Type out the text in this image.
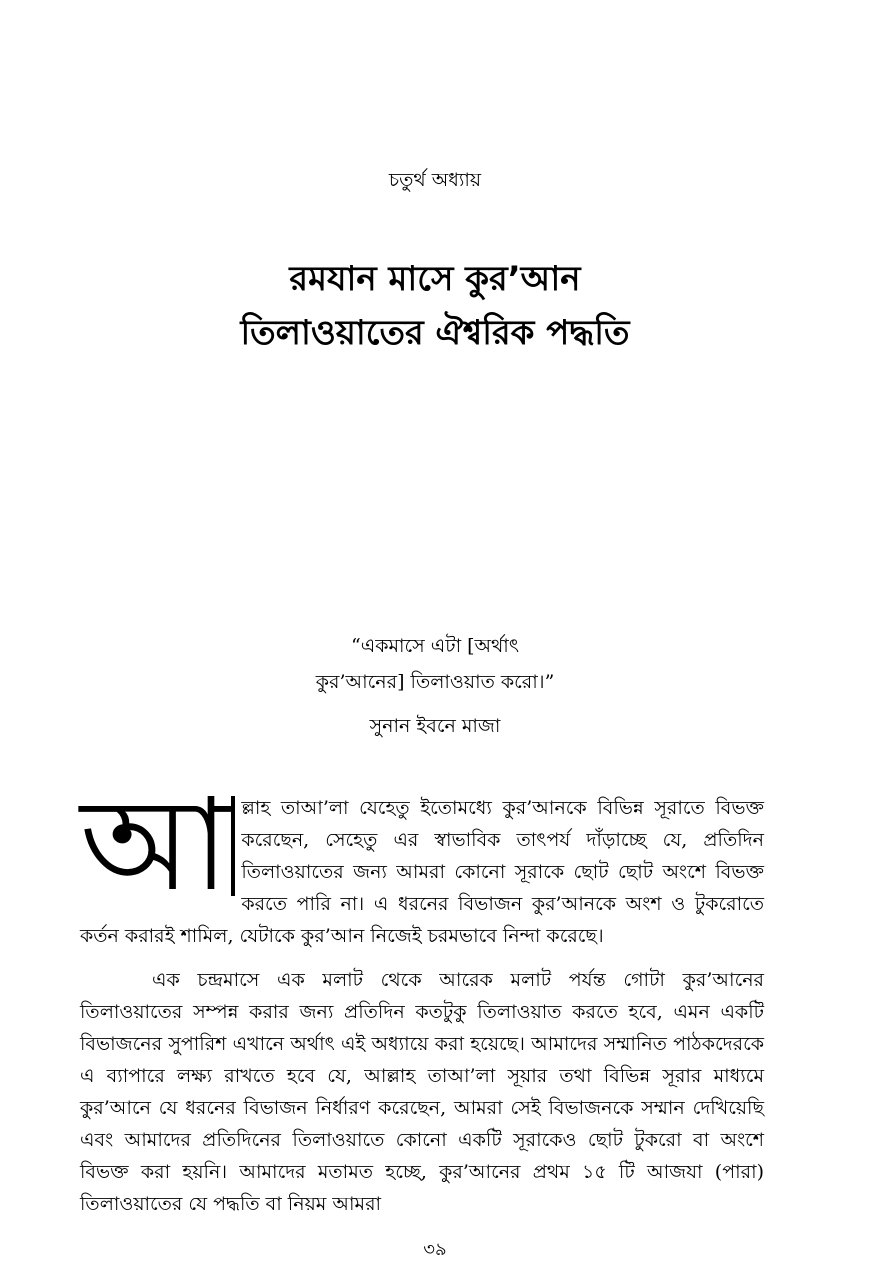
চতুর্থ অধ্যায়
রমযান মাসে কুর’আন
তিলাওয়াতের ঐশ্বরিক পদ্ধতি
“একমাসে এটা [অর্থাৎ
কুর’আনের] তিলাওয়াত করো।”
সুনান ইবনে মাজা

আ ল্লাহ তাআ’লা যেহেতু ইতোমধ্যে কুর’আনকে বিভিন্ন সূরাতে বিভক্ত করেছেন, সেহেতু এর স্বাভাবিক তাৎপর্য দাঁড়াচ্ছে যে, প্রতিদিন তিলাওয়াতের জন্য আমরা কোনো সূরাকে ছোট ছোট অংশে বিভক্ত করতে পারি না। এ ধরনের বিভাজন কুর’আনকে অংশ ও টুকরোতে কর্তন করারই শামিল, যেটাকে কুর’আন নিজেই চরমভাবে নিন্দা করেছে।

এক চন্দ্রমাসে এক মলাট থেকে আরেক মলাট পর্যন্ত গোটা কুর’আনের তিলাওয়াতের সম্পন্ন করার জন্য প্রতিদিন কতটুকু তিলাওয়াত করতে হবে, এমন একটি বিভাজনের সুপারিশ এখানে অর্থাৎ এই অধ্যায়ে করা হয়েছে। আমাদের সম্মানিত পাঠকদেরকে এ ব্যাপারে লক্ষ্য রাখতে হবে যে, আল্লাহ তাআ’লা সূয়ার তথা বিভিন্ন সূরার মাধ্যমে কুর’আনে যে ধরনের বিভাজন নির্ধারণ করেছেন, আমরা সেই বিভাজনকে সম্মান দেখিয়েছি এবং আমাদের প্রতিদিনের তিলাওয়াতে কোনো একটি সূরাকেও ছোট টুকরো বা অংশে বিভক্ত করা হয়নি। আমাদের মতামত হচ্ছে, কুর’আনের প্রথম ১৫ টি আজযা (পারা) তিলাওয়াতের যে পদ্ধতি বা নিয়ম আমরা

৩৯
